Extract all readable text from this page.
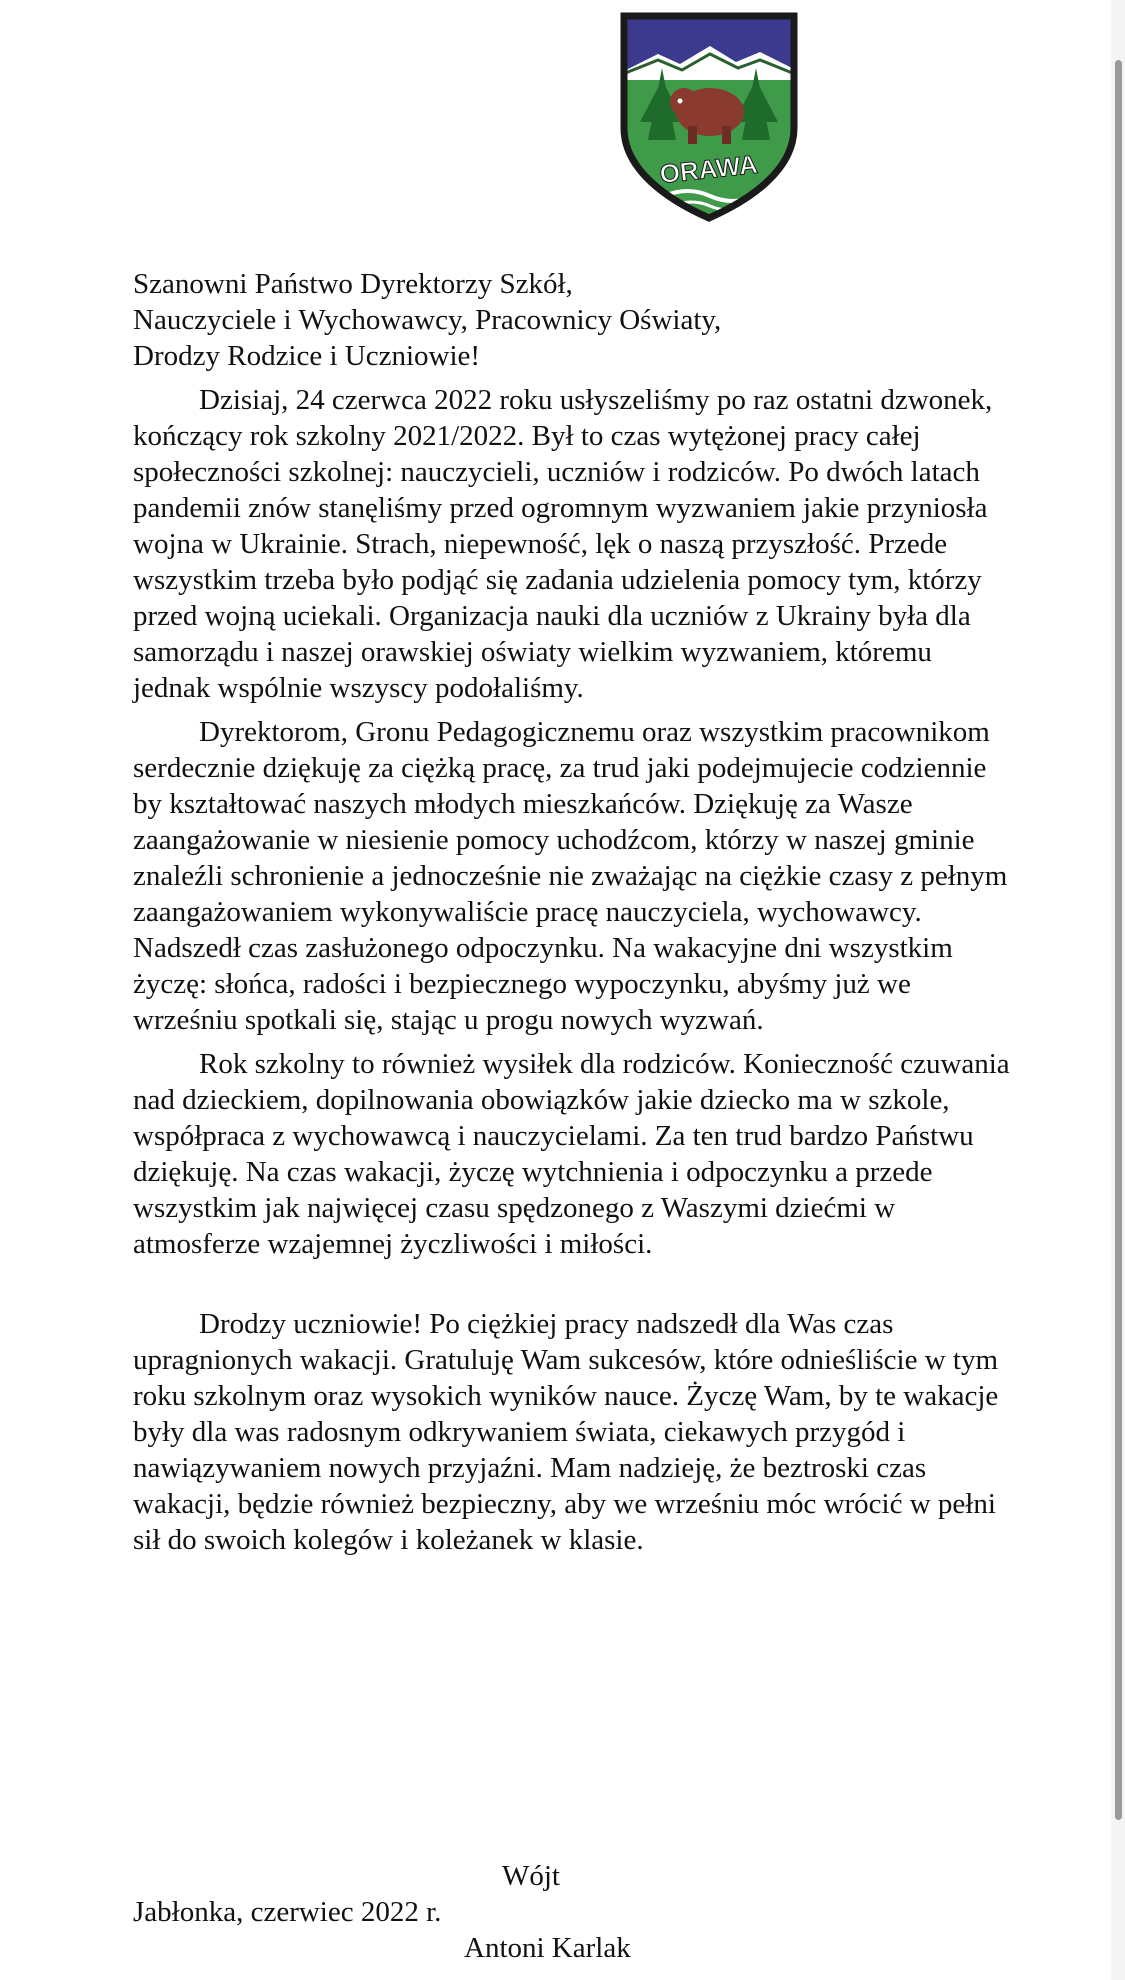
ORAWA

Szanowni Państwo Dyrektorzy Szkół,
Nauczyciele i Wychowawcy, Pracownicy Oświaty,
Drodzy Rodzice i Uczniowie!

Dzisiaj, 24 czerwca 2022 roku usłyszeliśmy po raz ostatni dzwonek, kończący rok szkolny 2021/2022. Był to czas wytężonej pracy całej społeczności szkolnej: nauczycieli, uczniów i rodziców. Po dwóch latach pandemii znów stanęliśmy przed ogromnym wyzwaniem jakie przyniosła wojna w Ukrainie. Strach, niepewność, lęk o naszą przyszłość. Przede wszystkim trzeba było podjąć się zadania udzielenia pomocy tym, którzy przed wojną uciekali. Organizacja nauki dla uczniów z Ukrainy była dla samorządu i naszej orawskiej oświaty wielkim wyzwaniem, któremu jednak wspólnie wszyscy podołaliśmy.

Dyrektorom, Gronu Pedagogicznemu oraz wszystkim pracownikom serdecznie dziękuję za ciężką pracę, za trud jaki podejmujecie codziennie by kształtować naszych młodych mieszkańców. Dziękuję za Wasze zaangażowanie w niesienie pomocy uchodźcom, którzy w naszej gminie znaleźli schronienie a jednocześnie nie zważając na ciężkie czasy z pełnym zaangażowaniem wykonywaliście pracę nauczyciela, wychowawcy.
Nadszedł czas zasłużonego odpoczynku. Na wakacyjne dni wszystkim życzę: słońca, radości i bezpiecznego wypoczynku, abyśmy już we wrześniu spotkali się, stając u progu nowych wyzwań.

Rok szkolny to również wysiłek dla rodziców. Konieczność czuwania nad dzieckiem, dopilnowania obowiązków jakie dziecko ma w szkole, współpraca z wychowawcą i nauczycielami. Za ten trud bardzo Państwu dziękuję. Na czas wakacji, życzę wytchnienia i odpoczynku a przede wszystkim jak najwięcej czasu spędzonego z Waszymi dziećmi w atmosferze wzajemnej życzliwości i miłości.

Drodzy uczniowie! Po ciężkiej pracy nadszedł dla Was czas upragnionych wakacji. Gratuluję Wam sukcesów, które odnieśliście w tym roku szkolnym oraz wysokich wyników nauce. Życzę Wam, by te wakacje były dla was radosnym odkrywaniem świata, ciekawych przygód i nawiązywaniem nowych przyjaźni. Mam nadzieję, że beztroski czas wakacji, będzie również bezpieczny, aby we wrześniu móc wrócić w pełni sił do swoich kolegów i koleżanek w klasie.

Wójt
Jabłonka, czerwiec 2022 r.
Antoni Karlak
